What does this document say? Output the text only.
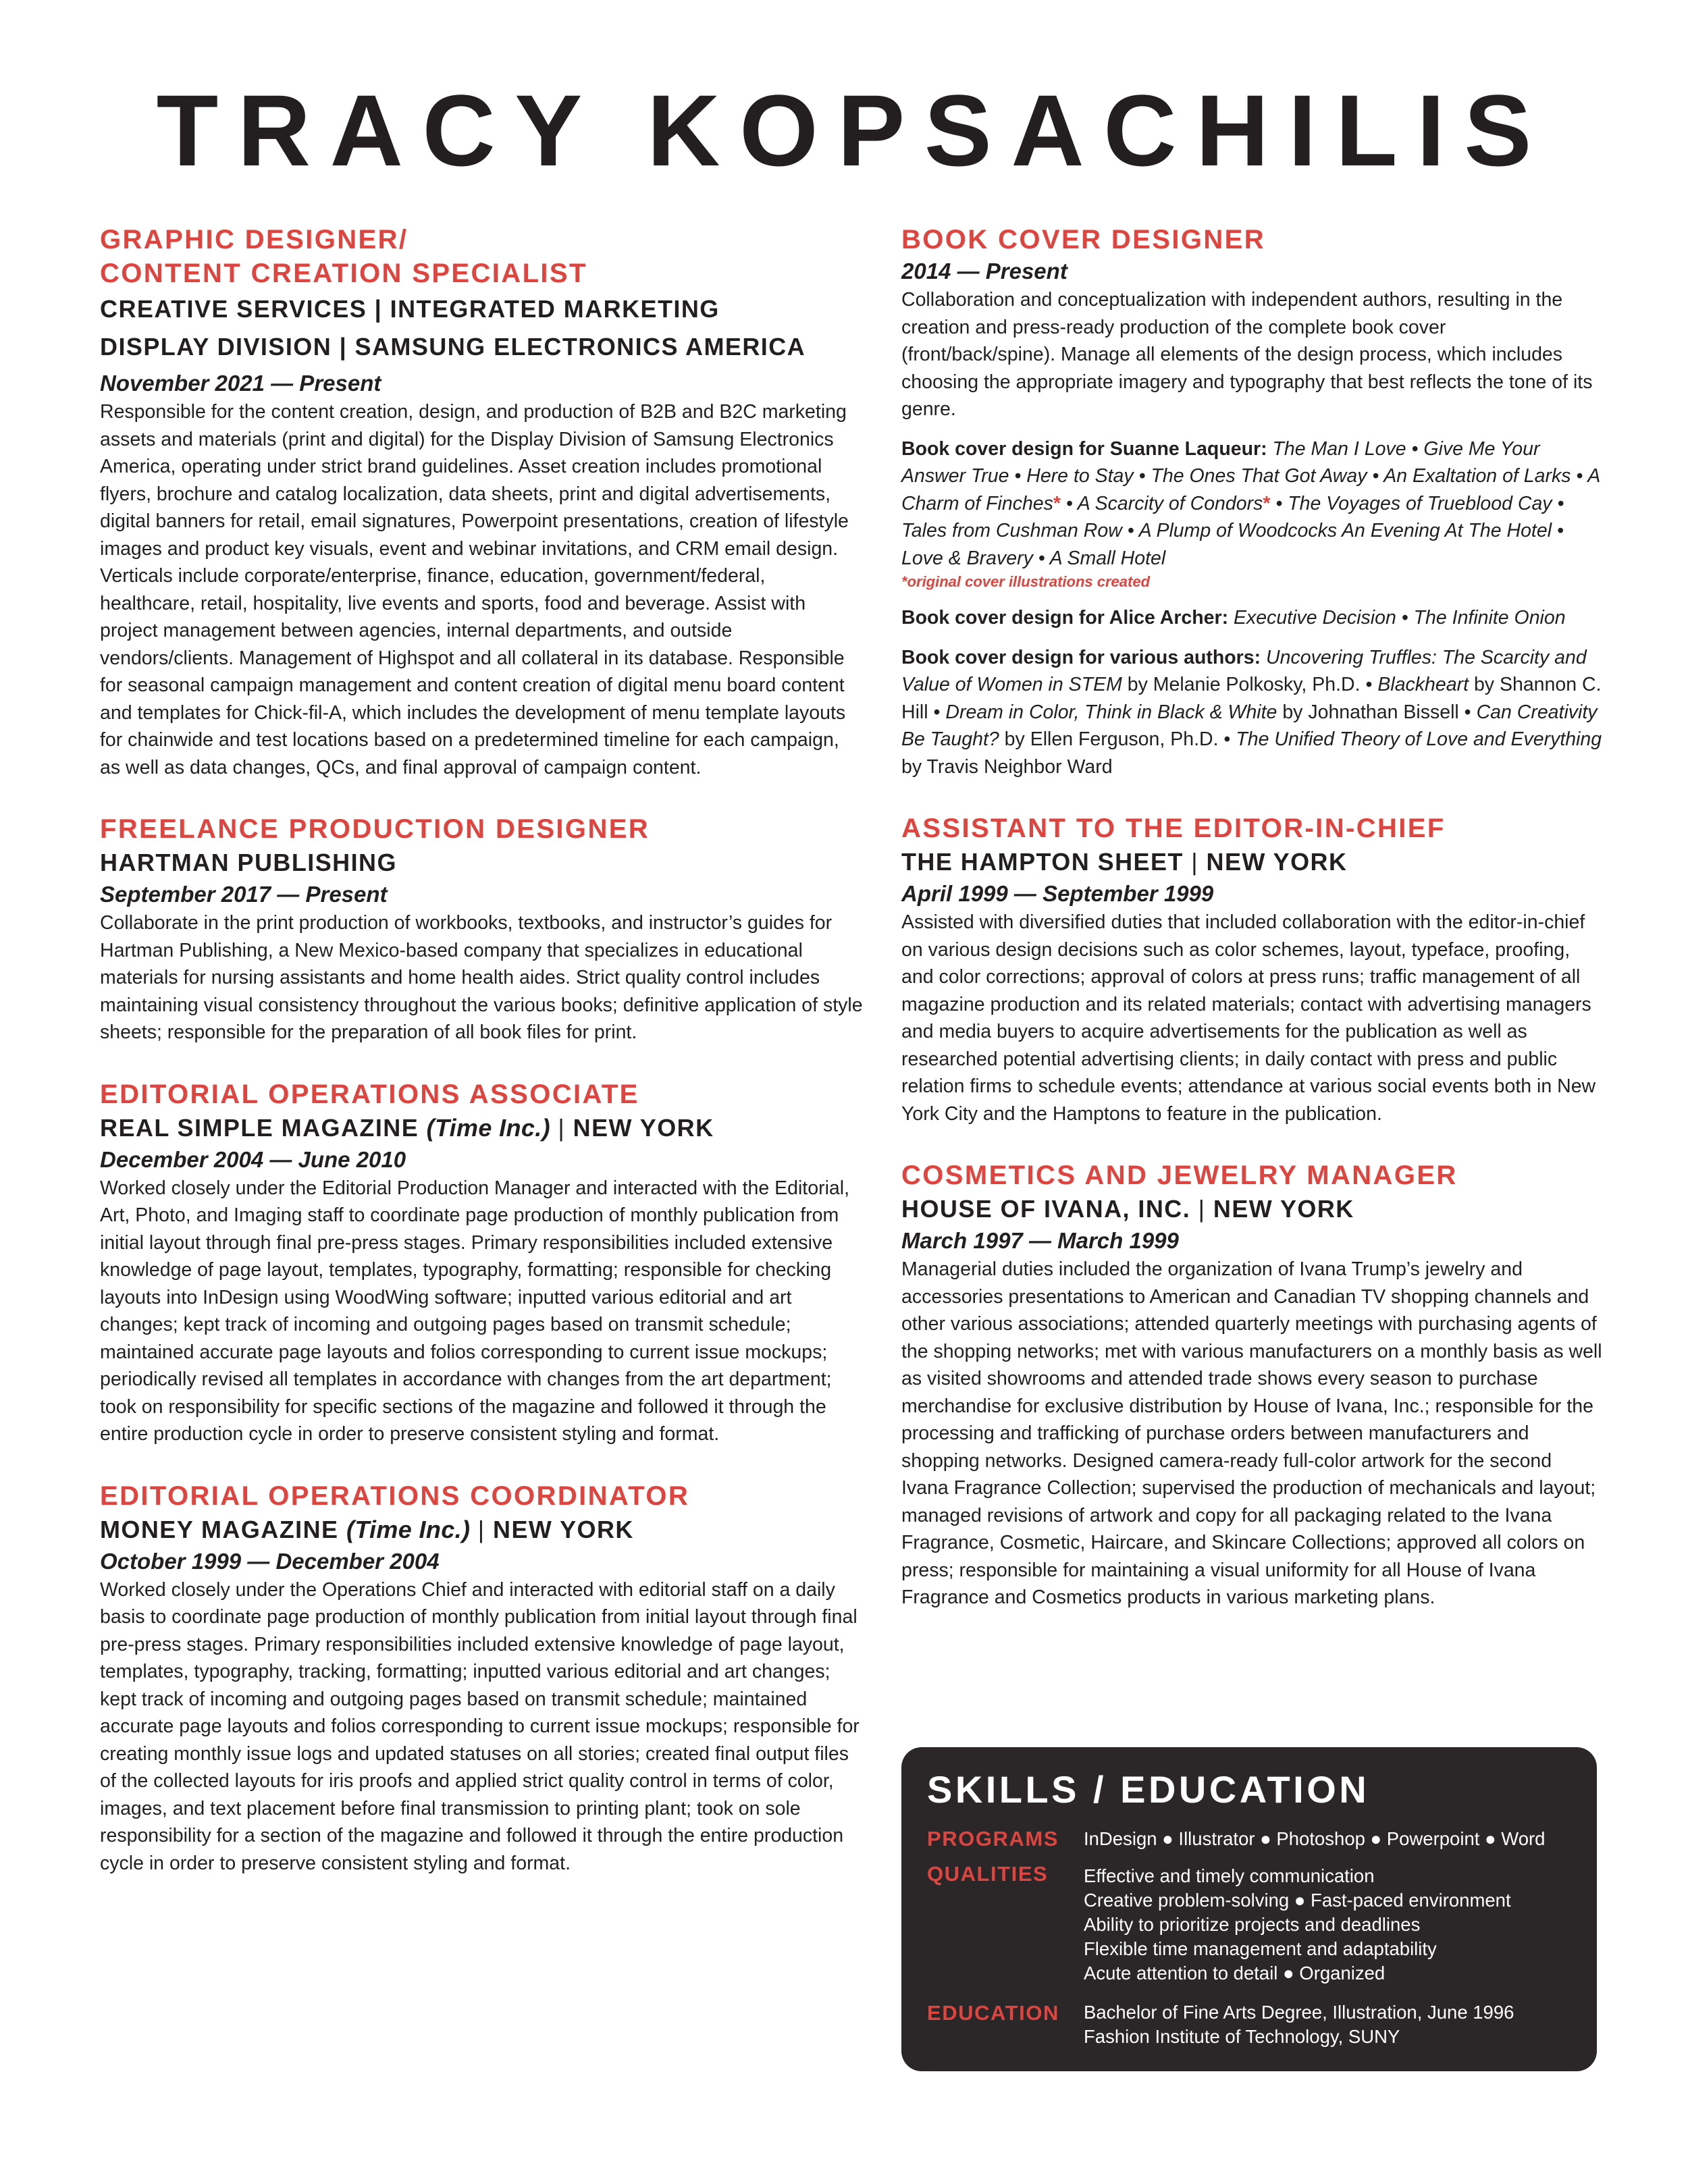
TRACY KOPSACHILIS
GRAPHIC DESIGNER/
CONTENT CREATION SPECIALIST
CREATIVE SERVICES | INTEGRATED MARKETING
DISPLAY DIVISION | SAMSUNG ELECTRONICS AMERICA
November 2021 — Present
Responsible for the content creation, design, and production of B2B and B2C marketing assets and materials (print and digital) for the Display Division of Samsung Electronics America, operating under strict brand guidelines. Asset creation includes promotional flyers, brochure and catalog localization, data sheets, print and digital advertisements, digital banners for retail, email signatures, Powerpoint presentations, creation of lifestyle images and product key visuals, event and webinar invitations, and CRM email design. Verticals include corporate/enterprise, finance, education, government/federal, healthcare, retail, hospitality, live events and sports, food and beverage. Assist with project management between agencies, internal departments, and outside vendors/clients. Management of Highspot and all collateral in its database. Responsible for seasonal campaign management and content creation of digital menu board content and templates for Chick-fil-A, which includes the development of menu template layouts for chainwide and test locations based on a predetermined timeline for each campaign, as well as data changes, QCs, and final approval of campaign content.
FREELANCE PRODUCTION DESIGNER
HARTMAN PUBLISHING
September 2017 — Present
Collaborate in the print production of workbooks, textbooks, and instructor’s guides for Hartman Publishing, a New Mexico-based company that specializes in educational materials for nursing assistants and home health aides. Strict quality control includes maintaining visual consistency throughout the various books; definitive application of style sheets; responsible for the preparation of all book files for print.
EDITORIAL OPERATIONS ASSOCIATE
REAL SIMPLE MAGAZINE (Time Inc.) | NEW YORK
December 2004 — June 2010
Worked closely under the Editorial Production Manager and interacted with the Editorial, Art, Photo, and Imaging staff to coordinate page production of monthly publication from initial layout through final pre-press stages. Primary responsibilities included extensive knowledge of page layout, templates, typography, formatting; responsible for checking layouts into InDesign using WoodWing software; inputted various editorial and art changes; kept track of incoming and outgoing pages based on transmit schedule; maintained accurate page layouts and folios corresponding to current issue mockups; periodically revised all templates in accordance with changes from the art department; took on responsibility for specific sections of the magazine and followed it through the entire production cycle in order to preserve consistent styling and format.
EDITORIAL OPERATIONS COORDINATOR
MONEY MAGAZINE (Time Inc.) | NEW YORK
October 1999 — December 2004
Worked closely under the Operations Chief and interacted with editorial staff on a daily basis to coordinate page production of monthly publication from initial layout through final pre-press stages. Primary responsibilities included extensive knowledge of page layout, templates, typography, tracking, formatting; inputted various editorial and art changes; kept track of incoming and outgoing pages based on transmit schedule; maintained accurate page layouts and folios corresponding to current issue mockups; responsible for creating monthly issue logs and updated statuses on all stories; created final output files of the collected layouts for iris proofs and applied strict quality control in terms of color, images, and text placement before final transmission to printing plant; took on sole responsibility for a section of the magazine and followed it through the entire production cycle in order to preserve consistent styling and format.
BOOK COVER DESIGNER
2014 — Present
Collaboration and conceptualization with independent authors, resulting in the creation and press-ready production of the complete book cover (front/back/spine). Manage all elements of the design process, which includes choosing the appropriate imagery and typography that best reflects the tone of its genre.
Book cover design for Suanne Laqueur: The Man I Love • Give Me Your Answer True • Here to Stay • The Ones That Got Away • An Exaltation of Larks • A Charm of Finches* • A Scarcity of Condors* • The Voyages of Trueblood Cay • Tales from Cushman Row • A Plump of Woodcocks An Evening At The Hotel • Love & Bravery • A Small Hotel
*original cover illustrations created
Book cover design for Alice Archer: Executive Decision • The Infinite Onion
Book cover design for various authors: Uncovering Truffles: The Scarcity and Value of Women in STEM by Melanie Polkosky, Ph.D. • Blackheart by Shannon C. Hill • Dream in Color, Think in Black & White by Johnathan Bissell • Can Creativity Be Taught? by Ellen Ferguson, Ph.D. • The Unified Theory of Love and Everything by Travis Neighbor Ward
ASSISTANT TO THE EDITOR-IN-CHIEF
THE HAMPTON SHEET | NEW YORK
April 1999 — September 1999
Assisted with diversified duties that included collaboration with the editor-in-chief on various design decisions such as color schemes, layout, typeface, proofing, and color corrections; approval of colors at press runs; traffic management of all magazine production and its related materials; contact with advertising managers and media buyers to acquire advertisements for the publication as well as researched potential advertising clients; in daily contact with press and public relation firms to schedule events; attendance at various social events both in New York City and the Hamptons to feature in the publication.
COSMETICS AND JEWELRY MANAGER
HOUSE OF IVANA, INC. | NEW YORK
March 1997 — March 1999
Managerial duties included the organization of Ivana Trump’s jewelry and accessories presentations to American and Canadian TV shopping channels and other various associations; attended quarterly meetings with purchasing agents of the shopping networks; met with various manufacturers on a monthly basis as well as visited showrooms and attended trade shows every season to purchase merchandise for exclusive distribution by House of Ivana, Inc.; responsible for the processing and trafficking of purchase orders between manufacturers and shopping networks. Designed camera-ready full-color artwork for the second Ivana Fragrance Collection; supervised the production of mechanicals and layout; managed revisions of artwork and copy for all packaging related to the Ivana Fragrance, Cosmetic, Haircare, and Skincare Collections; approved all colors on press; responsible for maintaining a visual uniformity for all House of Ivana Fragrance and Cosmetics products in various marketing plans.
SKILLS / EDUCATION
PROGRAMS	InDesign ● Illustrator ● Photoshop ● Powerpoint ● Word
QUALITIES	Effective and timely communication
Creative problem-solving ● Fast-paced environment
Ability to prioritize projects and deadlines
Flexible time management and adaptability
Acute attention to detail ● Organized
EDUCATION	Bachelor of Fine Arts Degree, Illustration, June 1996
Fashion Institute of Technology, SUNY
